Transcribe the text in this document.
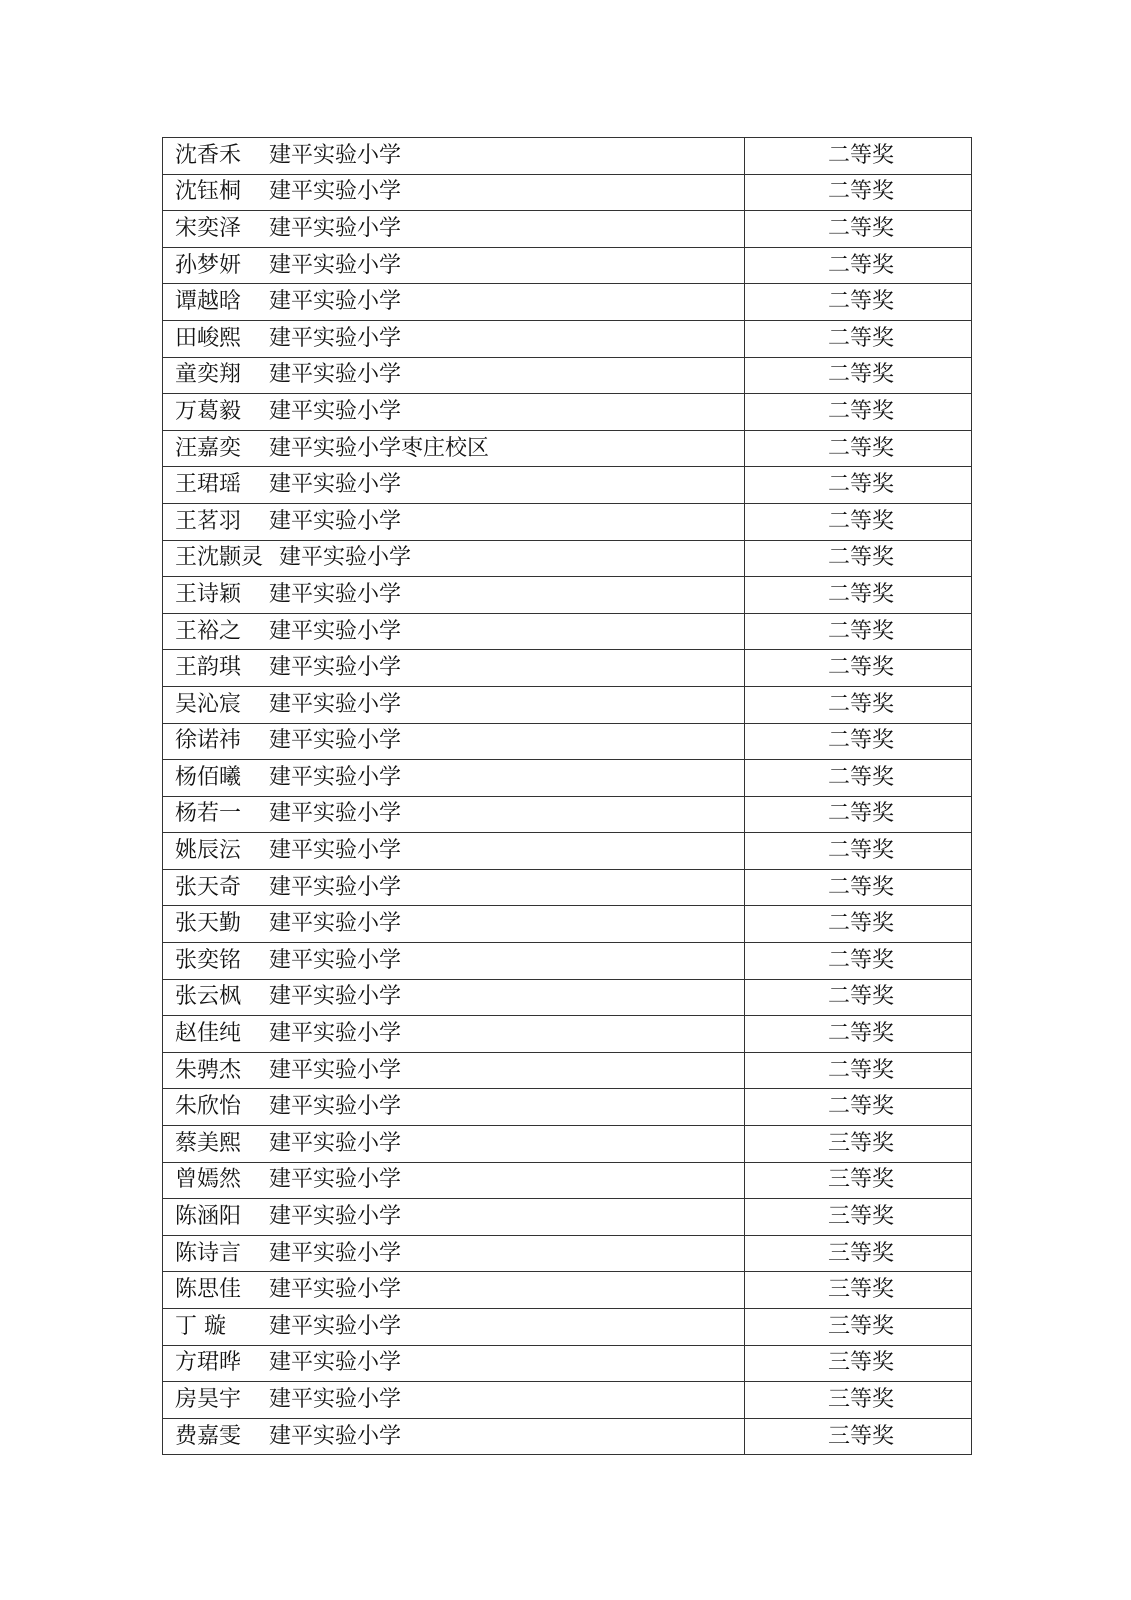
沈香禾 建平实验小学	二等奖
沈钰桐 建平实验小学	二等奖
宋奕泽 建平实验小学	二等奖
孙梦妍 建平实验小学	二等奖
谭越晗 建平实验小学	二等奖
田峻熙 建平实验小学	二等奖
童奕翔 建平实验小学	二等奖
万葛毅 建平实验小学	二等奖
汪嘉奕 建平实验小学枣庄校区	二等奖
王珺瑶 建平实验小学	二等奖
王茗羽 建平实验小学	二等奖
王沈颢灵 建平实验小学	二等奖
王诗颖 建平实验小学	二等奖
王裕之 建平实验小学	二等奖
王韵琪 建平实验小学	二等奖
吴沁宸 建平实验小学	二等奖
徐诺祎 建平实验小学	二等奖
杨佰曦 建平实验小学	二等奖
杨若一 建平实验小学	二等奖
姚辰沄 建平实验小学	二等奖
张天奇 建平实验小学	二等奖
张天勤 建平实验小学	二等奖
张奕铭 建平实验小学	二等奖
张云枫 建平实验小学	二等奖
赵佳纯 建平实验小学	二等奖
朱骋杰 建平实验小学	二等奖
朱欣怡 建平实验小学	二等奖
蔡美熙 建平实验小学	三等奖
曾嫣然 建平实验小学	三等奖
陈涵阳 建平实验小学	三等奖
陈诗言 建平实验小学	三等奖
陈思佳 建平实验小学	三等奖
丁 璇 建平实验小学	三等奖
方珺晔 建平实验小学	三等奖
房昊宇 建平实验小学	三等奖
费嘉雯 建平实验小学	三等奖
